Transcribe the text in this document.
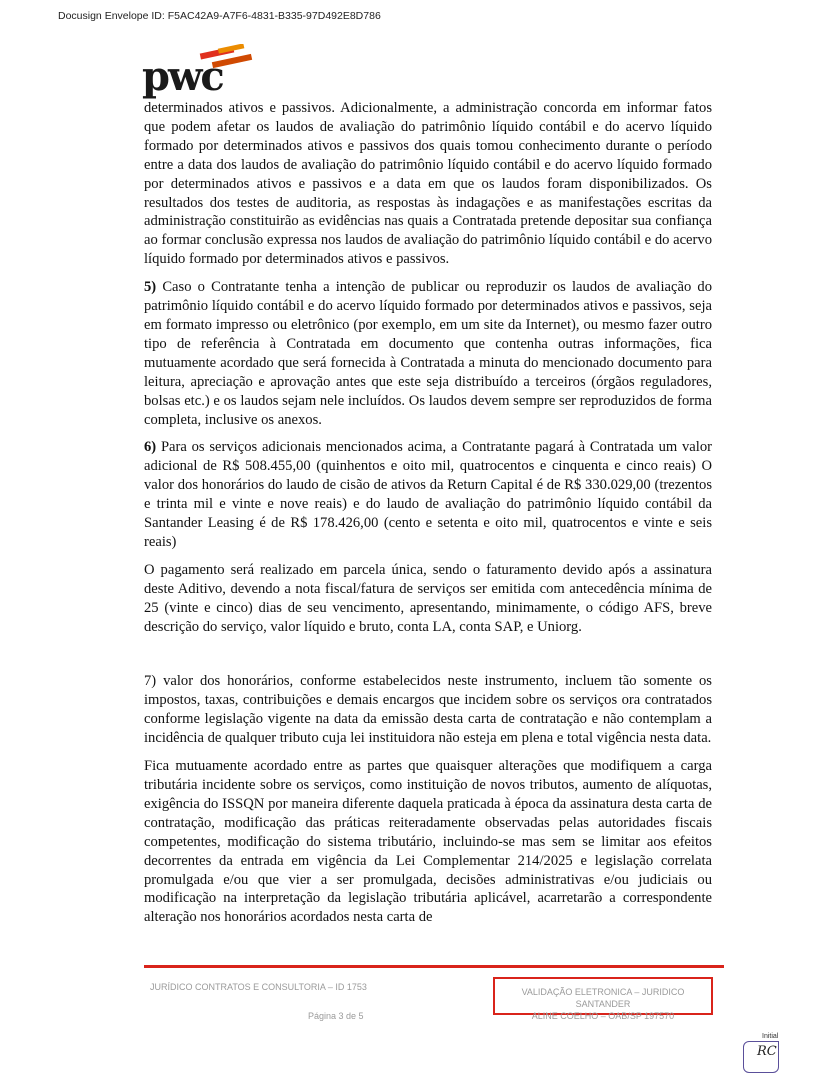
Docusign Envelope ID: F5AC42A9-A7F6-4831-B335-97D492E8D786
pwc

determinados ativos e passivos. Adicionalmente, a administração concorda em informar fatos que podem afetar os laudos de avaliação do patrimônio líquido contábil e do acervo líquido formado por determinados ativos e passivos dos quais tomou conhecimento durante o período entre a data dos laudos de avaliação do patrimônio líquido contábil e do acervo líquido formado por determinados ativos e passivos e a data em que os laudos foram disponibilizados. Os resultados dos testes de auditoria, as respostas às indagações e as manifestações escritas da administração constituirão as evidências nas quais a Contratada pretende depositar sua confiança ao formar conclusão expressa nos laudos de avaliação do patrimônio líquido contábil e do acervo líquido formado por determinados ativos e passivos.

5) Caso o Contratante tenha a intenção de publicar ou reproduzir os laudos de avaliação do patrimônio líquido contábil e do acervo líquido formado por determinados ativos e passivos, seja em formato impresso ou eletrônico (por exemplo, em um site da Internet), ou mesmo fazer outro tipo de referência à Contratada em documento que contenha outras informações, fica mutuamente acordado que será fornecida à Contratada a minuta do mencionado documento para leitura, apreciação e aprovação antes que este seja distribuído a terceiros (órgãos reguladores, bolsas etc.) e os laudos sejam nele incluídos. Os laudos devem sempre ser reproduzidos de forma completa, inclusive os anexos.

6) Para os serviços adicionais mencionados acima, a Contratante pagará à Contratada um valor adicional de R$ 508.455,00 (quinhentos e oito mil, quatrocentos e cinquenta e cinco reais) O valor dos honorários do laudo de cisão de ativos da Return Capital é de R$ 330.029,00 (trezentos e trinta mil e vinte e nove reais) e do laudo de avaliação do patrimônio líquido contábil da Santander Leasing é de R$ 178.426,00 (cento e setenta e oito mil, quatrocentos e vinte e seis reais)

O pagamento será realizado em parcela única, sendo o faturamento devido após a assinatura deste Aditivo, devendo a nota fiscal/fatura de serviços ser emitida com antecedência mínima de 25 (vinte e cinco) dias de seu vencimento, apresentando, minimamente, o código AFS, breve descrição do serviço, valor líquido e bruto, conta LA, conta SAP, e Uniorg.

7) valor dos honorários, conforme estabelecidos neste instrumento, incluem tão somente os impostos, taxas, contribuições e demais encargos que incidem sobre os serviços ora contratados conforme legislação vigente na data da emissão desta carta de contratação e não contemplam a incidência de qualquer tributo cuja lei instituidora não esteja em plena e total vigência nesta data.

Fica mutuamente acordado entre as partes que quaisquer alterações que modifiquem a carga tributária incidente sobre os serviços, como instituição de novos tributos, aumento de alíquotas, exigência do ISSQN por maneira diferente daquela praticada à época da assinatura desta carta de contratação, modificação das práticas reiteradamente observadas pelas autoridades fiscais competentes, modificação do sistema tributário, incluindo-se mas sem se limitar aos efeitos decorrentes da entrada em vigência da Lei Complementar 214/2025 e legislação correlata promulgada e/ou que vier a ser promulgada, decisões administrativas e/ou judiciais ou modificação na interpretação da legislação tributária aplicável, acarretarão a correspondente alteração nos honorários acordados nesta carta de

JURÍDICO CONTRATOS E CONSULTORIA – ID 1753
Página 3 de 5
VALIDAÇÃO ELETRONICA – JURIDICO SANTANDER
ALINE COELHO – OAB/SP 197570
Initial
RC
